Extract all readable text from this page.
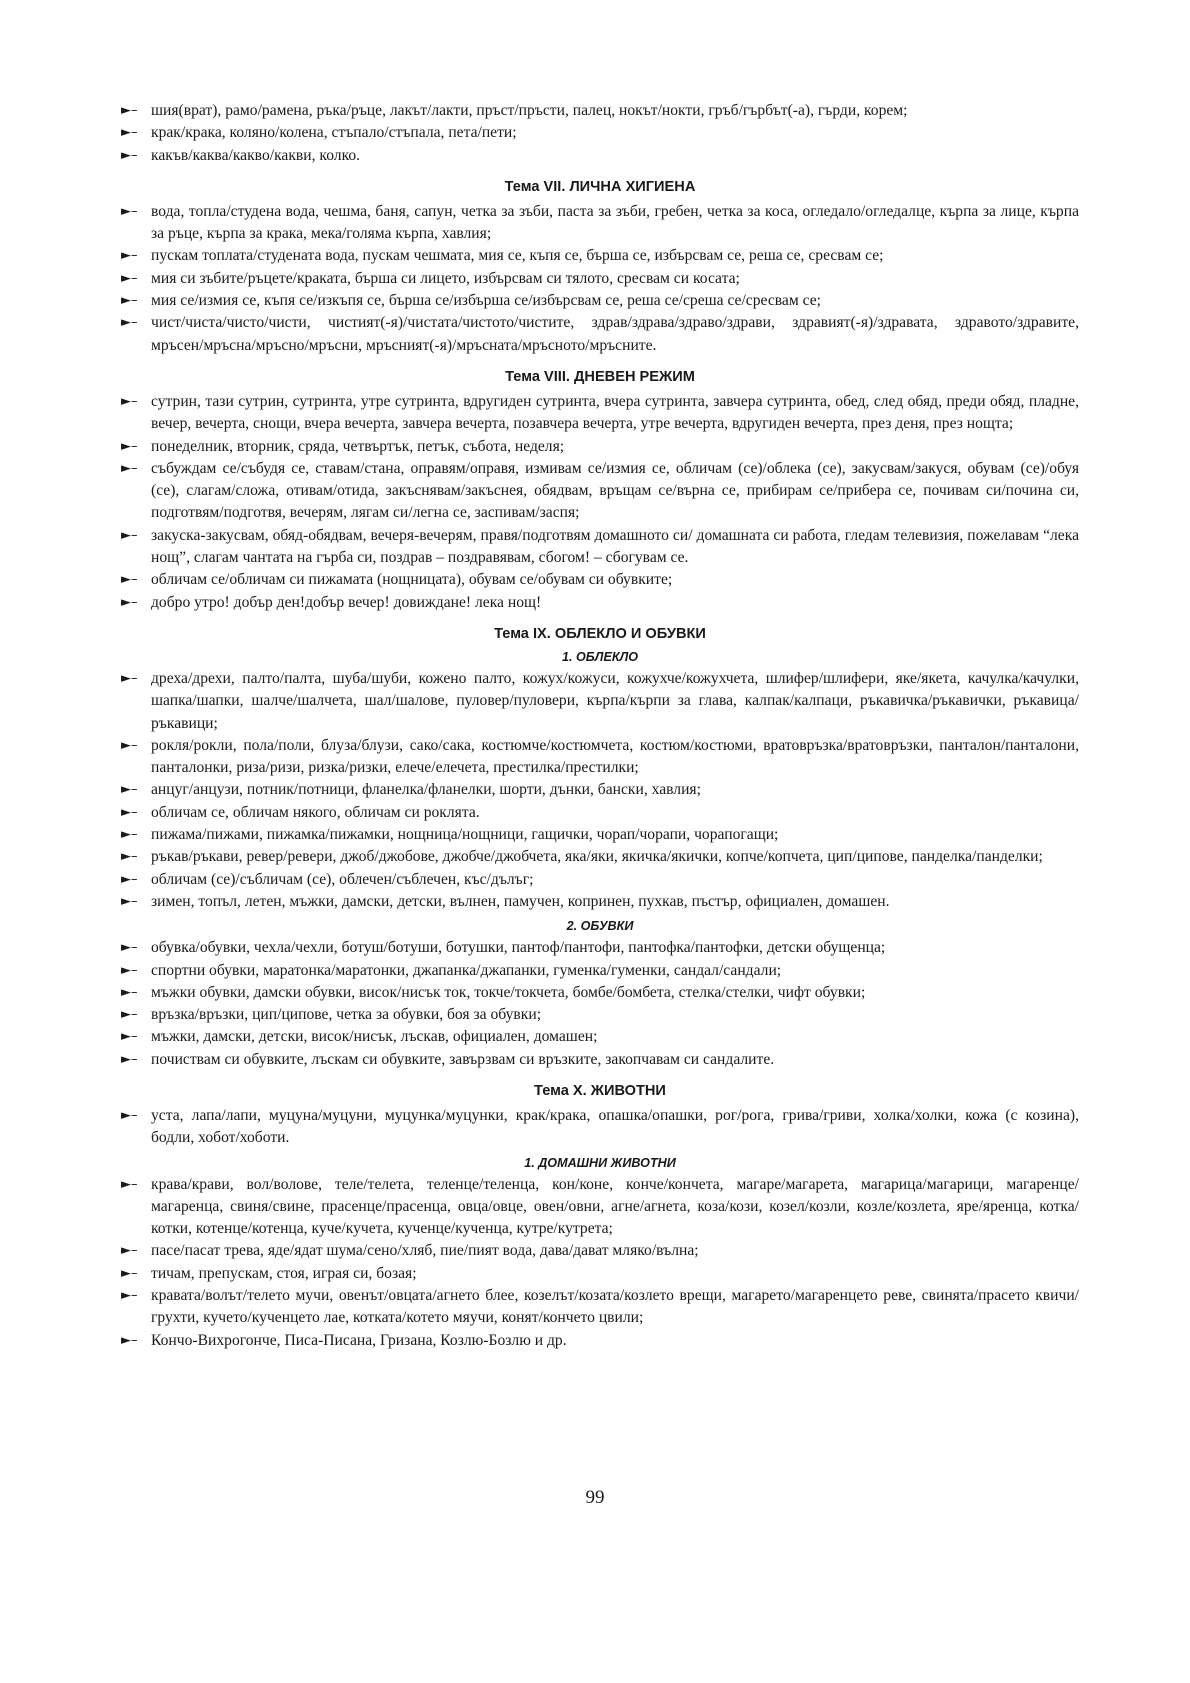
►– шия(врат), рамо/рамена, ръка/ръце, лакът/лакти, пръст/пръсти, палец, нокът/нокти, гръб/гърбът(-а), гърди, корем;
►– крак/крака, коляно/колена, стъпало/стъпала, пета/пети;
►– какъв/каква/какво/какви, колко.
Тема VII. ЛИЧНА ХИГИЕНА
►– вода, топла/студена вода, чешма, баня, сапун, четка за зъби, паста за зъби, гребен, четка за коса, огледало/огледалце, кърпа за лице, кърпа за ръце, кърпа за крака, мека/голяма кърпа, хавлия;
►– пускам топлата/студената вода, пускам чешмата, мия се, къпя се, бърша се, избърсвам се, реша се, сресвам се;
►– мия си зъбите/ръцете/краката, бърша си лицето, избърсвам си тялото, сресвам си косата;
►– мия се/измия се, къпя се/изкъпя се, бърша се/избърша се/избърсвам се, реша се/среша се/сресвам се;
►– чист/чиста/чисто/чисти, чистият(-я)/чистата/чистото/чистите, здрав/здрава/здраво/здрави, здравият(-я)/здравата, здравото/здравите, мръсен/мръсна/мръсно/мръсни, мръсният(-я)/мръсната/мръсното/мръсните.
Тема VIII. ДНЕВЕН РЕЖИМ
►– сутрин, тази сутрин, сутринта, утре сутринта, вдругиден сутринта, вчера сутринта, завчера сутринта, обед, след обяд, преди обяд, пладне, вечер, вечерта, снощи, вчера вечерта, завчера вечерта, позавчера вечерта, утре вечерта, вдругиден вечерта, през деня, през нощта;
►– понеделник, вторник, сряда, четвъртък, петък, събота, неделя;
►– събуждам се/събудя се, ставам/стана, оправям/оправя, измивам се/измия се, обличам (се)/облека (се), закусвам/закуся, обувам (се)/обуя (се), слагам/сложа, отивам/отида, закъснявам/закъснея, обядвам, връщам се/върна се, прибирам се/прибера се, почивам си/почина си, подготвям/подготвя, вечерям, лягам си/легна се, заспивам/заспя;
►– закуска-закусвам, обяд-обядвам, вечеря-вечерям, правя/подготвям домашното си/ домашната си работа, гледам телевизия, пожелавам “лека нощ”, слагам чантата на гърба си, поздрав – поздравявам, сбогом! – сбогувам се.
►– обличам се/обличам си пижамата (нощницата), обувам се/обувам си обувките;
►– добро утро! добър ден!добър вечер! довиждане! лека нощ!
Тема IX. ОБЛЕКЛО И ОБУВКИ
1. ОБЛЕКЛО
►– дреха/дрехи, палто/палта, шуба/шуби, кожено палто, кожух/кожуси, кожухче/кожухчета, шлифер/шлифери, яке/якета, качулка/качулки, шапка/шапки, шалче/шалчета, шал/шалове, пуловер/пуловери, кърпа/кърпи за глава, калпак/калпаци, ръкавичка/ръкавички, ръкавица/ръкавици;
►– рокля/рокли, пола/поли, блуза/блузи, сако/сака, костюмче/костюмчета, костюм/костюми, вратовръзка/вратовръзки, панталон/панталони, панталонки, риза/ризи, ризка/ризки, елече/елечета, престилка/престилки;
►– анцуг/анцузи, потник/потници, фланелка/фланелки, шорти, дънки, бански, хавлия;
►– обличам се, обличам някого, обличам си роклята.
►– пижама/пижами, пижамка/пижамки, нощница/нощници, гащички, чорап/чорапи, чорапогащи;
►– ръкав/ръкави, ревер/ревери, джоб/джобове, джобче/джобчета, яка/яки, якичка/якички, копче/копчета, цип/ципове, панделка/панделки;
►– обличам (се)/събличам (се), облечен/съблечен, къс/дълъг;
►– зимен, топъл, летен, мъжки, дамски, детски, вълнен, памучен, копринен, пухкав, пъстър, официален, домашен.
2. ОБУВКИ
►– обувка/обувки, чехла/чехли, ботуш/ботуши, ботушки, пантоф/пантофи, пантофка/пантофки, детски обущенца;
►– спортни обувки, маратонка/маратонки, джапанка/джапанки, гуменка/гуменки, сандал/сандали;
►– мъжки обувки, дамски обувки, висок/нисък ток, токче/токчета, бомбе/бомбета, стелка/стелки, чифт обувки;
►– връзка/връзки, цип/ципове, четка за обувки, боя за обувки;
►– мъжки, дамски, детски, висок/нисък, лъскав, официален, домашен;
►– почиствам си обувките, лъскам си обувките, завързвам си връзките, закопчавам си сандалите.
Тема X. ЖИВОТНИ
►– уста, лапа/лапи, муцуна/муцуни, муцунка/муцунки, крак/крака, опашка/опашки, рог/рога, грива/гриви, холка/холки, кожа (с козина), бодли, хобот/хоботи.
1. ДОМАШНИ ЖИВОТНИ
►– крава/крави, вол/волове, теле/телета, теленце/теленца, кон/коне, конче/кончета, магаре/магарета, магарица/магарици, магаренце/магаренца, свиня/свине, прасенце/прасенца, овца/овце, овен/овни, агне/агнета, коза/кози, козел/козли, козле/козлета, яре/яренца, котка/котки, котенце/котенца, куче/кучета, кученце/кученца, кутре/кутрета;
►– пасе/пасат трева, яде/ядат шума/сено/хляб, пие/пият вода, дава/дават мляко/вълна;
►– тичам, препускам, стоя, играя си, бозая;
►– кравата/волът/телето мучи, овенът/овцата/агнето блее, козелът/козата/козлето врещи, магарето/магаренцето реве, свинята/прасето квичи/грухти, кучето/кученцето лае, котката/котето мяучи, конят/кончето цвили;
►– Кончо-Вихрогонче, Писа-Писана, Гризана, Козлю-Бозлю и др.
99
